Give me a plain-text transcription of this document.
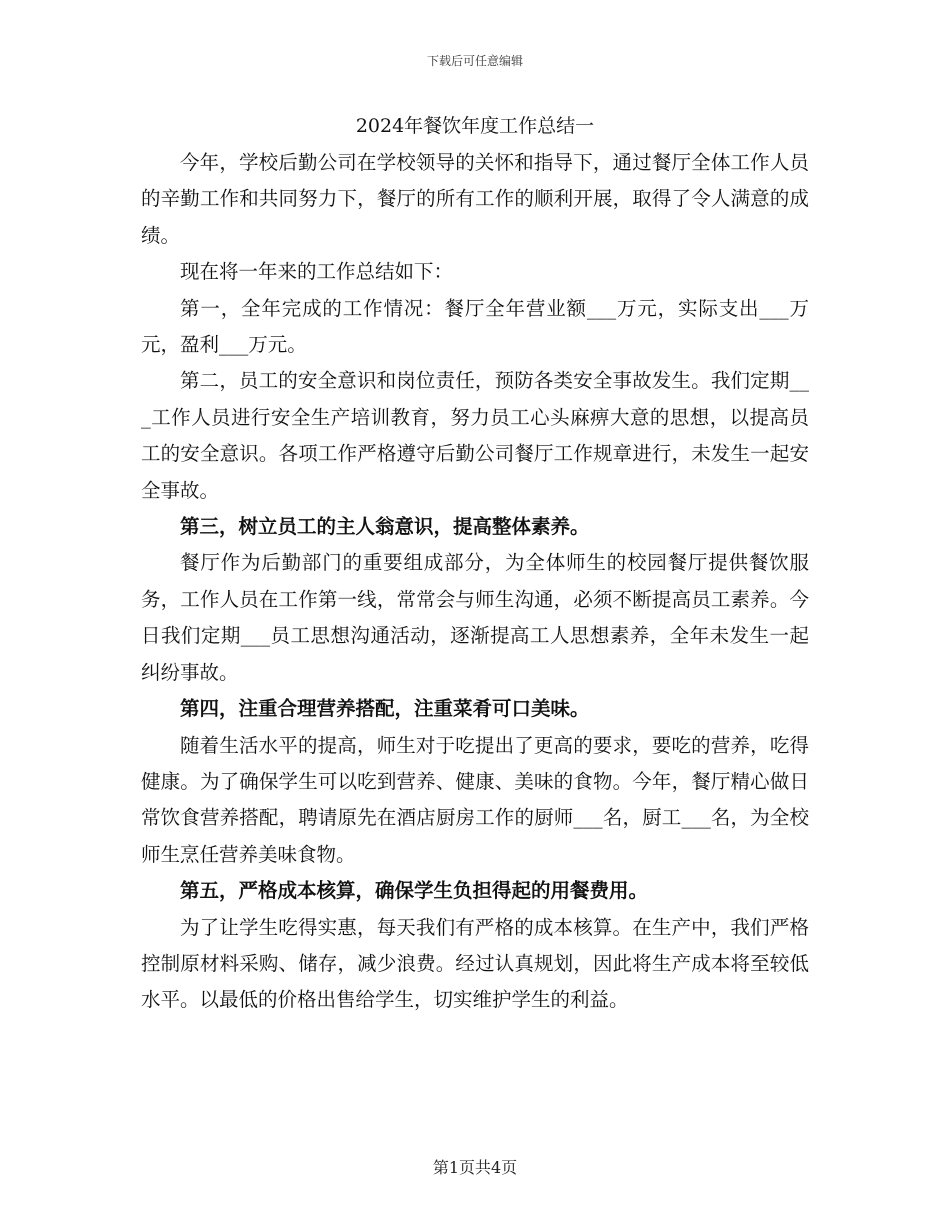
下载后可任意编辑
2024年餐饮年度工作总结一

今年，学校后勤公司在学校领导的关怀和指导下，通过餐厅全体工作人员的辛勤工作和共同努力下，餐厅的所有工作的顺利开展，取得了令人满意的成绩。

现在将一年来的工作总结如下：

第一，全年完成的工作情况：餐厅全年营业额___万元，实际支出___万元，盈利___万元。

第二，员工的安全意识和岗位责任，预防各类安全事故发生。我们定期___工作人员进行安全生产培训教育，努力员工心头麻痹大意的思想，以提高员工的安全意识。各项工作严格遵守后勤公司餐厅工作规章进行，未发生一起安全事故。

第三，树立员工的主人翁意识，提高整体素养。

餐厅作为后勤部门的重要组成部分，为全体师生的校园餐厅提供餐饮服务，工作人员在工作第一线，常常会与师生沟通，必须不断提高员工素养。今日我们定期___员工思想沟通活动，逐渐提高工人思想素养，全年未发生一起纠纷事故。

第四，注重合理营养搭配，注重菜肴可口美味。

随着生活水平的提高，师生对于吃提出了更高的要求，要吃的营养，吃得健康。为了确保学生可以吃到营养、健康、美味的食物。今年，餐厅精心做日常饮食营养搭配，聘请原先在酒店厨房工作的厨师___名，厨工___名，为全校师生烹任营养美味食物。

第五，严格成本核算，确保学生负担得起的用餐费用。

为了让学生吃得实惠，每天我们有严格的成本核算。在生产中，我们严格控制原材料采购、储存，减少浪费。经过认真规划，因此将生产成本将至较低水平。以最低的价格出售给学生，切实维护学生的利益。

第1页共4页
